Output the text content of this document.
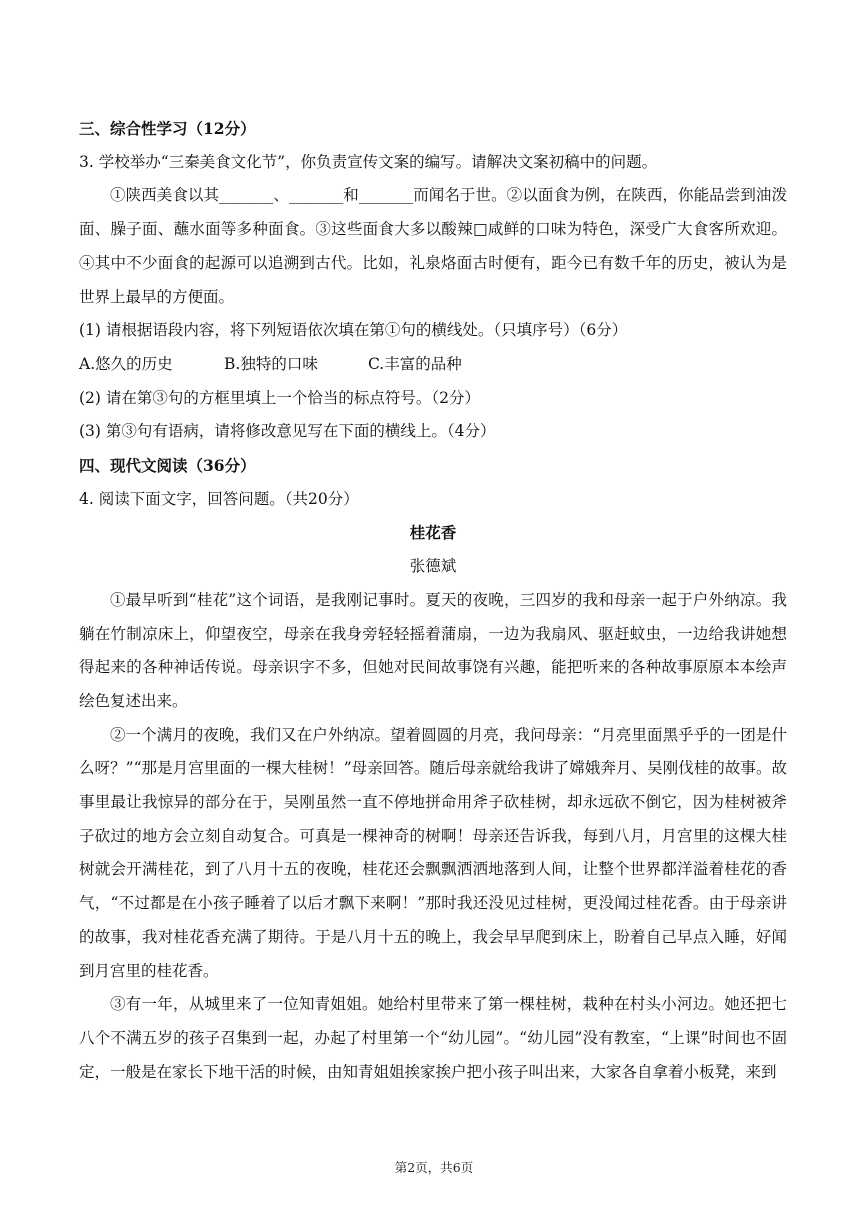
三、综合性学习（12分）

3. 学校举办“三秦美食文化节”，你负责宣传文案的编写。请解决文案初稿中的问题。

①陕西美食以其_______、_______和_______而闻名于世。②以面食为例，在陕西，你能品尝到油泼面、臊子面、蘸水面等多种面食。③这些面食大多以酸辣□咸鲜的口味为特色，深受广大食客所欢迎。④其中不少面食的起源可以追溯到古代。比如，礼泉烙面古时便有，距今已有数千年的历史，被认为是世界上最早的方便面。

(1) 请根据语段内容，将下列短语依次填在第①句的横线处。（只填序号）（6分）

A.悠久的历史	B.独特的口味	C.丰富的品种

(2) 请在第③句的方框里填上一个恰当的标点符号。（2分）

(3) 第③句有语病，请将修改意见写在下面的横线上。（4分）

四、现代文阅读（36分）

4. 阅读下面文字，回答问题。（共20分）

桂花香

张德斌

①最早听到“桂花”这个词语，是我刚记事时。夏天的夜晚，三四岁的我和母亲一起于户外纳凉。我躺在竹制凉床上，仰望夜空，母亲在我身旁轻轻摇着蒲扇，一边为我扇风、驱赶蚊虫，一边给我讲她想得起来的各种神话传说。母亲识字不多，但她对民间故事饶有兴趣，能把听来的各种故事原原本本绘声绘色复述出来。

②一个满月的夜晚，我们又在户外纳凉。望着圆圆的月亮，我问母亲：“月亮里面黑乎乎的一团是什么呀？”“那是月宫里面的一棵大桂树！”母亲回答。随后母亲就给我讲了嫦娥奔月、吴刚伐桂的故事。故事里最让我惊异的部分在于，吴刚虽然一直不停地拼命用斧子砍桂树，却永远砍不倒它，因为桂树被斧子砍过的地方会立刻自动复合。可真是一棵神奇的树啊！母亲还告诉我，每到八月，月宫里的这棵大桂树就会开满桂花，到了八月十五的夜晚，桂花还会飘飘洒洒地落到人间，让整个世界都洋溢着桂花的香气，“不过都是在小孩子睡着了以后才飘下来啊！”那时我还没见过桂树，更没闻过桂花香。由于母亲讲的故事，我对桂花香充满了期待。于是八月十五的晚上，我会早早爬到床上，盼着自己早点入睡，好闻到月宫里的桂花香。

③有一年，从城里来了一位知青姐姐。她给村里带来了第一棵桂树，栽种在村头小河边。她还把七八个不满五岁的孩子召集到一起，办起了村里第一个“幼儿园”。“幼儿园”没有教室，“上课”时间也不固定，一般是在家长下地干活的时候，由知青姐姐挨家挨户把小孩子叫出来，大家各自拿着小板凳，来到

第2页，共6页
